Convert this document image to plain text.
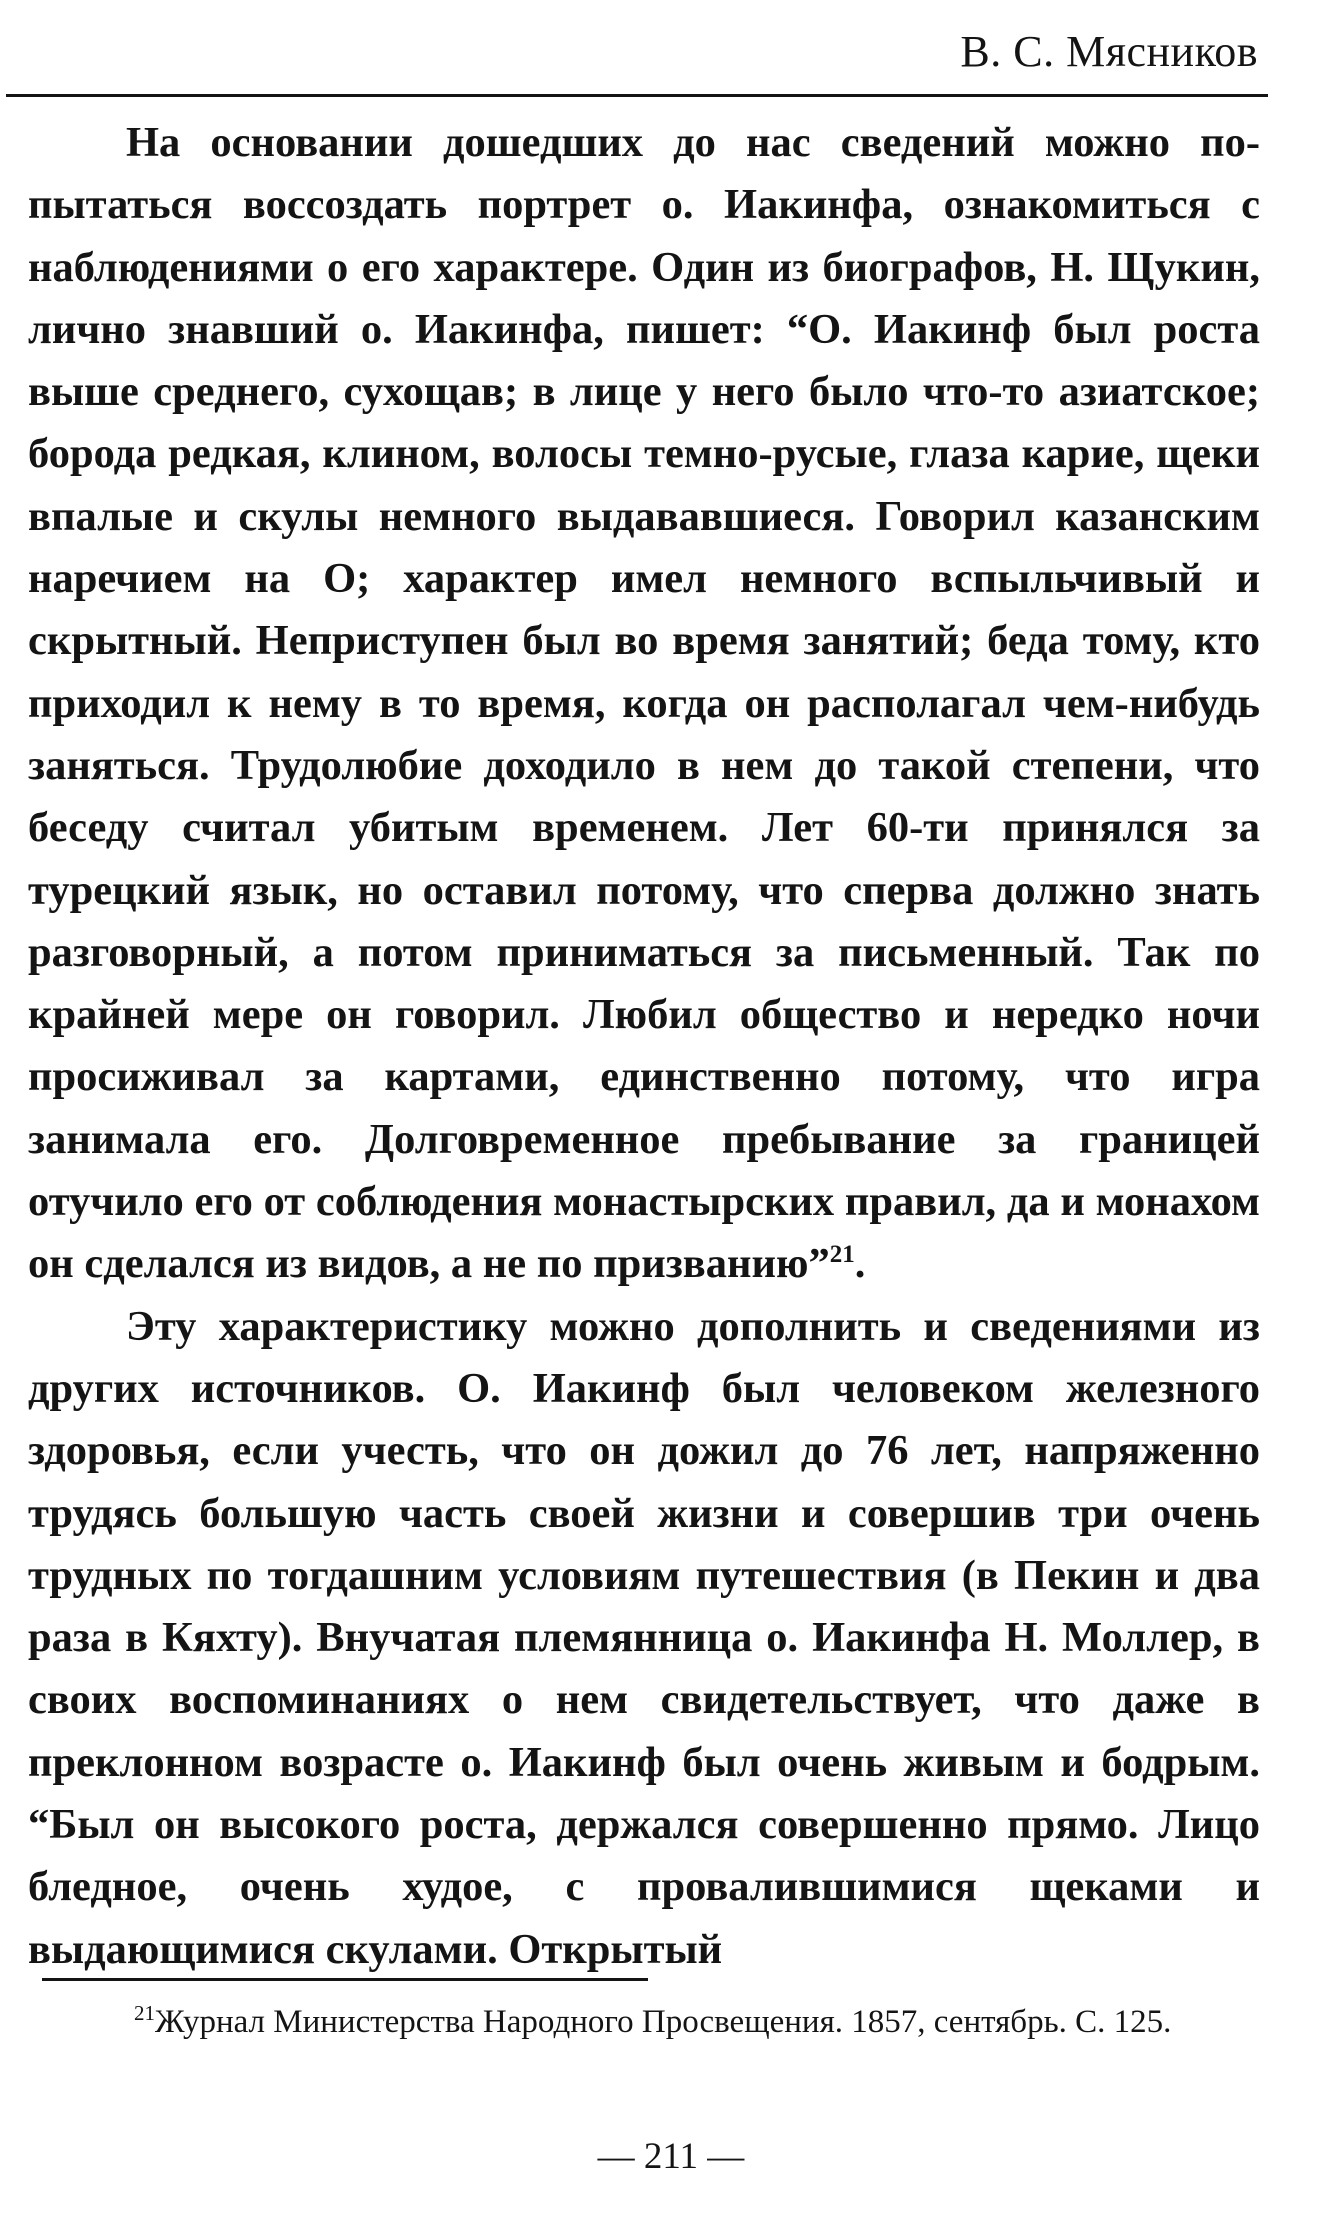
В. С. Мясников

На основании дошедших до нас сведений можно попытаться воссоздать портрет о. Иакинфа, ознакомиться с наблюдениями о его характере. Один из биографов, Н. Щукин, лично знавший о. Иакинфа, пишет: “О. Иакинф был роста выше среднего, сухощав; в лице у него было что-то азиатское; борода редкая, клином, волосы темно-русые, глаза карие, щеки впалые и скулы немного выдававшиеся. Говорил казанским наречием на О; характер имел немного вспыльчивый и скрытный. Неприступен был во время занятий; беда тому, кто приходил к нему в то время, когда он располагал чем-нибудь заняться. Трудолюбие доходило в нем до такой степени, что беседу считал убитым временем. Лет 60-ти принялся за турецкий язык, но оставил потому, что сперва должно знать разговорный, а потом приниматься за письменный. Так по крайней мере он говорил. Любил общество и нередко ночи просиживал за картами, единственно потому, что игра занимала его. Долговременное пребывание за границей отучило его от соблюдения монастырских правил, да и монахом он сделался из видов, а не по призванию”$^{21}$.

Эту характеристику можно дополнить и сведениями из других источников. О. Иакинф был человеком железного здоровья, если учесть, что он дожил до 76 лет, напряженно трудясь большую часть своей жизни и совершив три очень трудных по тогдашним условиям путешествия (в Пекин и два раза в Кяхту). Внучатая племянница о. Иакинфа Н. Моллер, в своих воспоминаниях о нем свидетельствует, что даже в преклонном возрасте о. Иакинф был очень живым и бодрым. “Был он высокого роста, держался совершенно прямо. Лицо бледное, очень худое, с провалившимися щеками и выдающимися скулами. Открытый

$^{21}$Журнал Министерства Народного Просвещения. 1857, сентябрь. С. 125.

— 211 —
